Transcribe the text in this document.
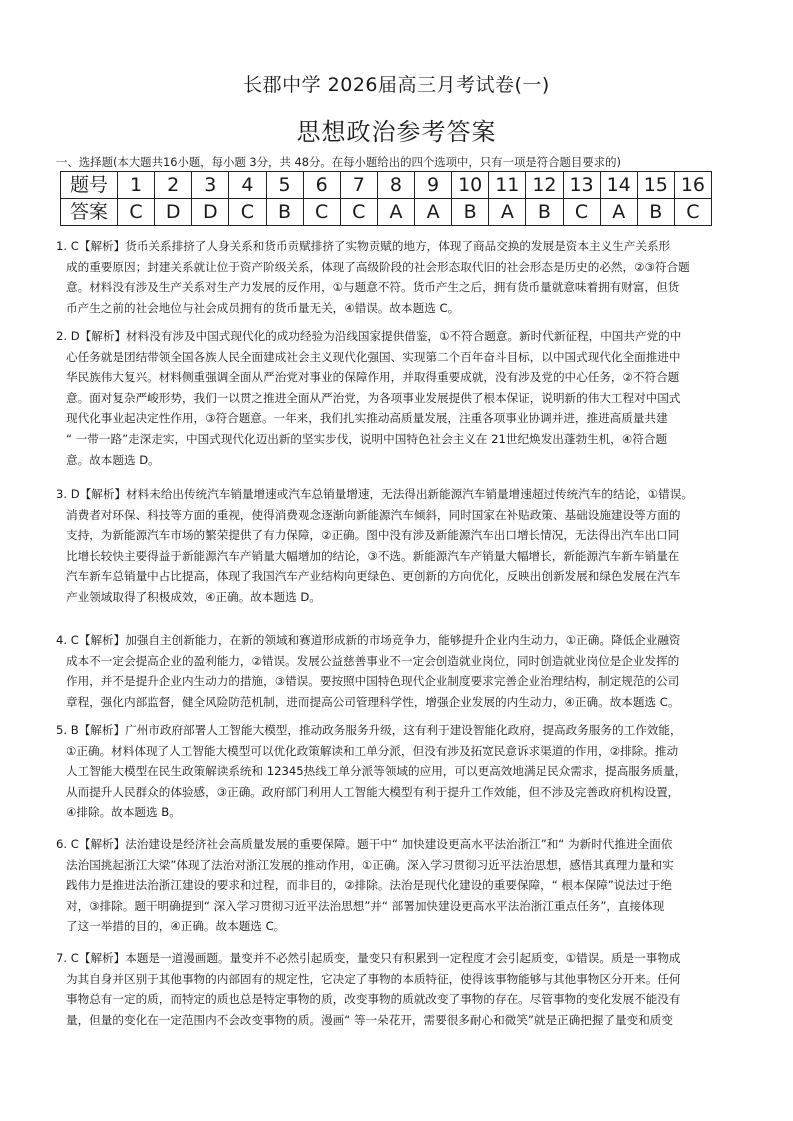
长郡中学 2026届高三月考试卷(一)
思想政治参考答案
一、选择题(本大题共16小题，每小题 3分，共 48分。在每小题给出的四个选项中，只有一项是符合题目要求的)
题号	1	2	3	4	5	6	7	8	9	10	11	12	13	14	15	16
答案	C	D	D	C	B	C	C	A	A	B	A	B	C	A	B	C
1. C【解析】货币关系排挤了人身关系和货币贡赋排挤了实物贡赋的地方，体现了商品交换的发展是资本主义生产关系形
成的重要原因；封建关系就让位于资产阶级关系，体现了高级阶段的社会形态取代旧的社会形态是历史的必然，②③符合题
意。材料没有涉及生产关系对生产力发展的反作用，①与题意不符。货币产生之后，拥有货币量就意味着拥有财富，但货
币产生之前的社会地位与社会成员拥有的货币量无关，④错误。故本题选 C。
2. D【解析】材料没有涉及中国式现代化的成功经验为沿线国家提供借鉴，①不符合题意。新时代新征程，中国共产党的中
心任务就是团结带领全国各族人民全面建成社会主义现代化强国、实现第二个百年奋斗目标，以中国式现代化全面推进中
华民族伟大复兴。材料侧重强调全面从严治党对事业的保障作用，并取得重要成就，没有涉及党的中心任务，②不符合题
意。面对复杂严峻形势，我们一以贯之推进全面从严治党，为各项事业发展提供了根本保证，说明新的伟大工程对中国式
现代化事业起决定性作用，③符合题意。一年来，我们扎实推动高质量发展，注重各项事业协调并进，推进高质量共建
“ 一带一路”走深走实，中国式现代化迈出新的坚实步伐，说明中国特色社会主义在 21世纪焕发出蓬勃生机，④符合题
意。故本题选 D。
3. D【解析】材料未给出传统汽车销量增速或汽车总销量增速，无法得出新能源汽车销量增速超过传统汽车的结论，①错误。
消费者对环保、科技等方面的重视，使得消费观念逐渐向新能源汽车倾斜，同时国家在补贴政策、基础设施建设等方面的
支持，为新能源汽车市场的繁荣提供了有力保障，②正确。图中没有涉及新能源汽车出口增长情况，无法得出汽车出口同
比增长较快主要得益于新能源汽车产销量大幅增加的结论，③不选。新能源汽车产销量大幅增长，新能源汽车新车销量在
汽车新车总销量中占比提高，体现了我国汽车产业结构向更绿色、更创新的方向优化，反映出创新发展和绿色发展在汽车
产业领域取得了积极成效，④正确。故本题选 D。
4. C【解析】加强自主创新能力，在新的领域和赛道形成新的市场竞争力，能够提升企业内生动力，①正确。降低企业融资
成本不一定会提高企业的盈利能力，②错误。发展公益慈善事业不一定会创造就业岗位，同时创造就业岗位是企业发挥的
作用，并不是提升企业内生动力的措施，③错误。要按照中国特色现代企业制度要求完善企业治理结构，制定规范的公司
章程，强化内部监督，健全风险防范机制，进而提高公司管理科学性，增强企业发展的内生动力，④正确。故本题选 C。
5. B【解析】广州市政府部署人工智能大模型，推动政务服务升级，这有利于建设智能化政府，提高政务服务的工作效能，
①正确。材料体现了人工智能大模型可以优化政策解读和工单分派，但没有涉及拓宽民意诉求渠道的作用，②排除。推动
人工智能大模型在民生政策解读系统和 12345热线工单分派等领域的应用，可以更高效地满足民众需求，提高服务质量，
从而提升人民群众的体验感，③正确。政府部门利用人工智能大模型有利于提升工作效能，但不涉及完善政府机构设置，
④排除。故本题选 B。
6. C【解析】法治建设是经济社会高质量发展的重要保障。题干中“ 加快建设更高水平法治浙江”和“ 为新时代推进全面依
法治国挑起浙江大梁”体现了法治对浙江发展的推动作用，①正确。深入学习贯彻习近平法治思想，感悟其真理力量和实
践伟力是推进法治浙江建设的要求和过程，而非目的，②排除。法治是现代化建设的重要保障，“ 根本保障”说法过于绝
对，③排除。题干明确提到“ 深入学习贯彻习近平法治思想”并“ 部署加快建设更高水平法治浙江重点任务”，直接体现
了这一举措的目的，④正确。故本题选 C。
7. C【解析】本题是一道漫画题。量变并不必然引起质变，量变只有积累到一定程度才会引起质变，①错误。质是一事物成
为其自身并区别于其他事物的内部固有的规定性，它决定了事物的本质特征，使得该事物能够与其他事物区分开来。任何
事物总有一定的质，而特定的质也总是特定事物的质，改变事物的质就改变了事物的存在。尽管事物的变化发展不能没有
量，但量的变化在一定范围内不会改变事物的质。漫画“ 等一朵花开，需要很多耐心和微笑”就是正确把握了量变和质变
